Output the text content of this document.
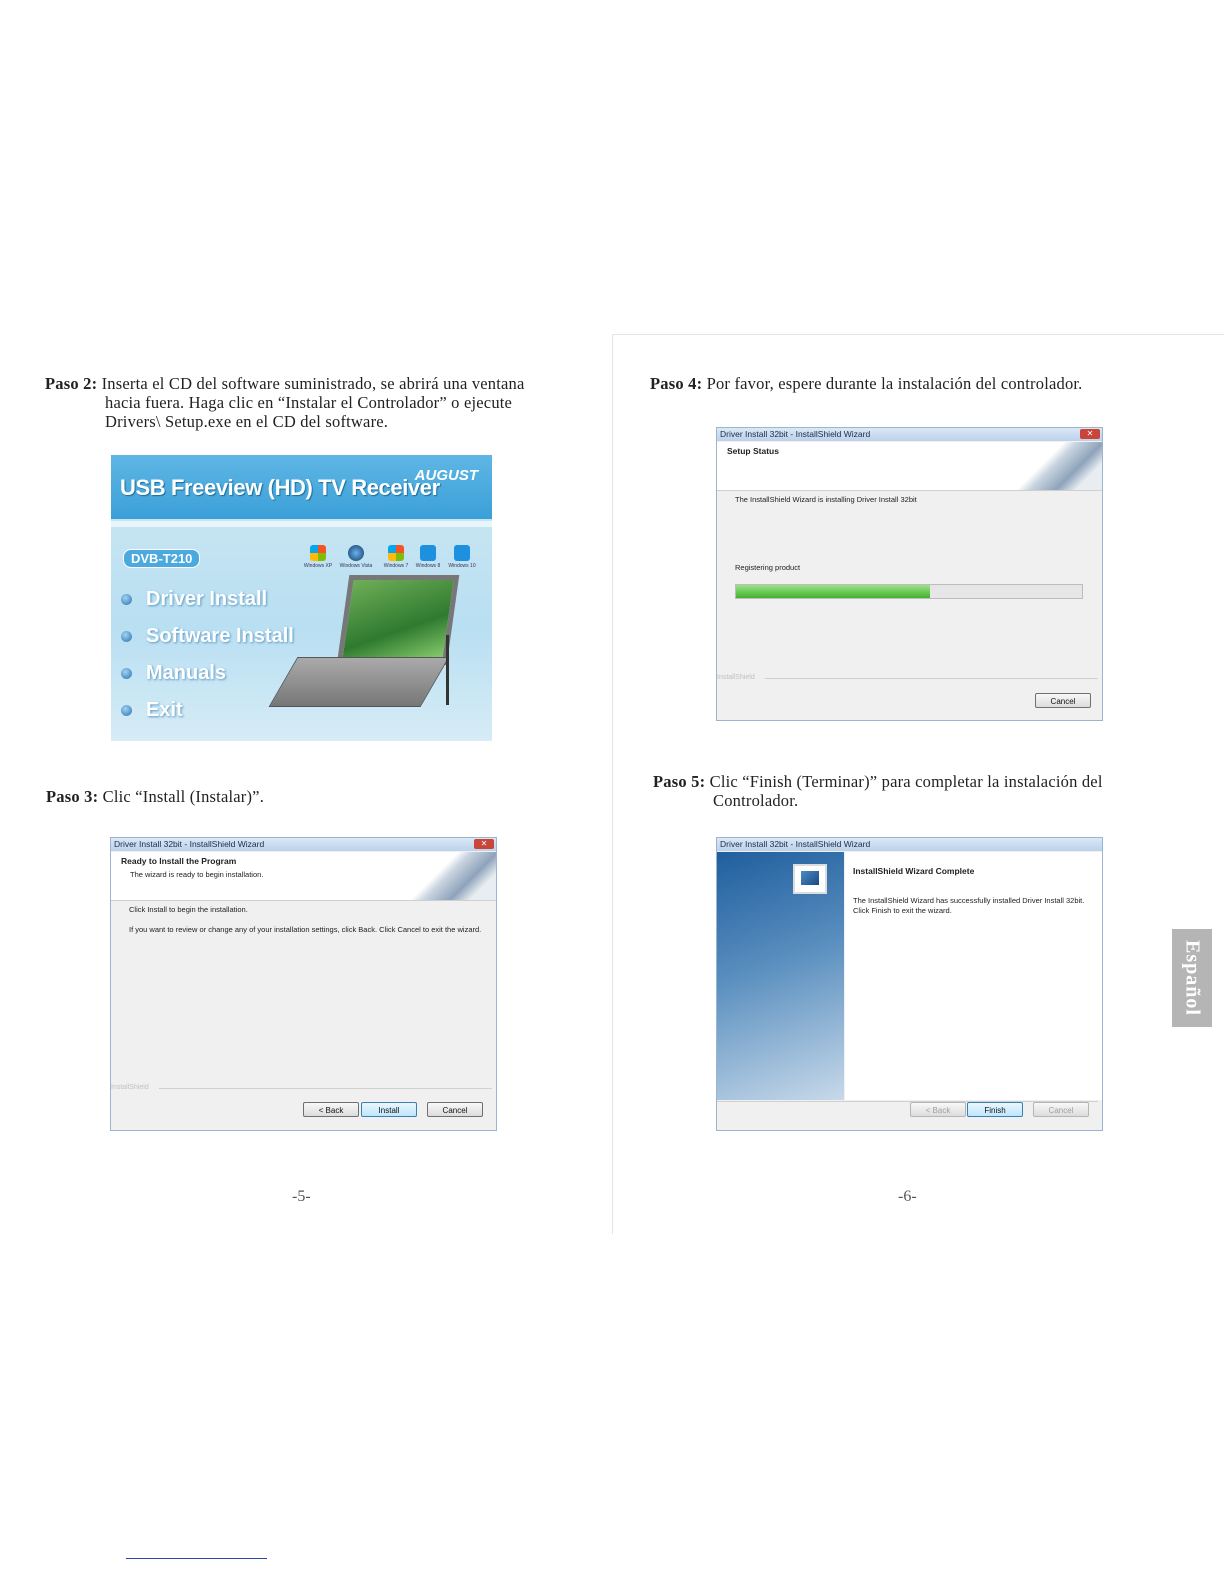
Paso 2: Inserta el CD del software suministrado, se abrirá una ventana
hacia fuera. Haga clic en “Instalar el Controlador” o ejecute
Drivers\ Setup.exe en el CD del software.
USB Freeview (HD) TV Receiver
AUGUST
DVB-T210	Windows XP Windows Vista Windows 7 Windows 8 Windows 10
Driver Install
Software Install
Manuals
Exit
Paso 3: Clic “Install (Instalar)”.
Driver Install 32bit - InstallShield Wizard	✕
Ready to Install the Program
The wizard is ready to begin installation.
Click Install to begin the installation.
If you want to review or change any of your installation settings, click Back. Click Cancel to exit the wizard.
InstallShield
< Back	Install	Cancel
-5-
Paso 4: Por favor, espere durante la instalación del controlador.
Driver Install 32bit - InstallShield Wizard	✕
Setup Status
The InstallShield Wizard is installing Driver Install 32bit
Registering product
InstallShield
Cancel
Paso 5: Clic “Finish (Terminar)” para completar la instalación del
Controlador.
Driver Install 32bit - InstallShield Wizard
InstallShield Wizard Complete
The InstallShield Wizard has successfully installed Driver Install 32bit. Click Finish to exit the wizard.
< Back	Finish	Cancel
-6-
Español
